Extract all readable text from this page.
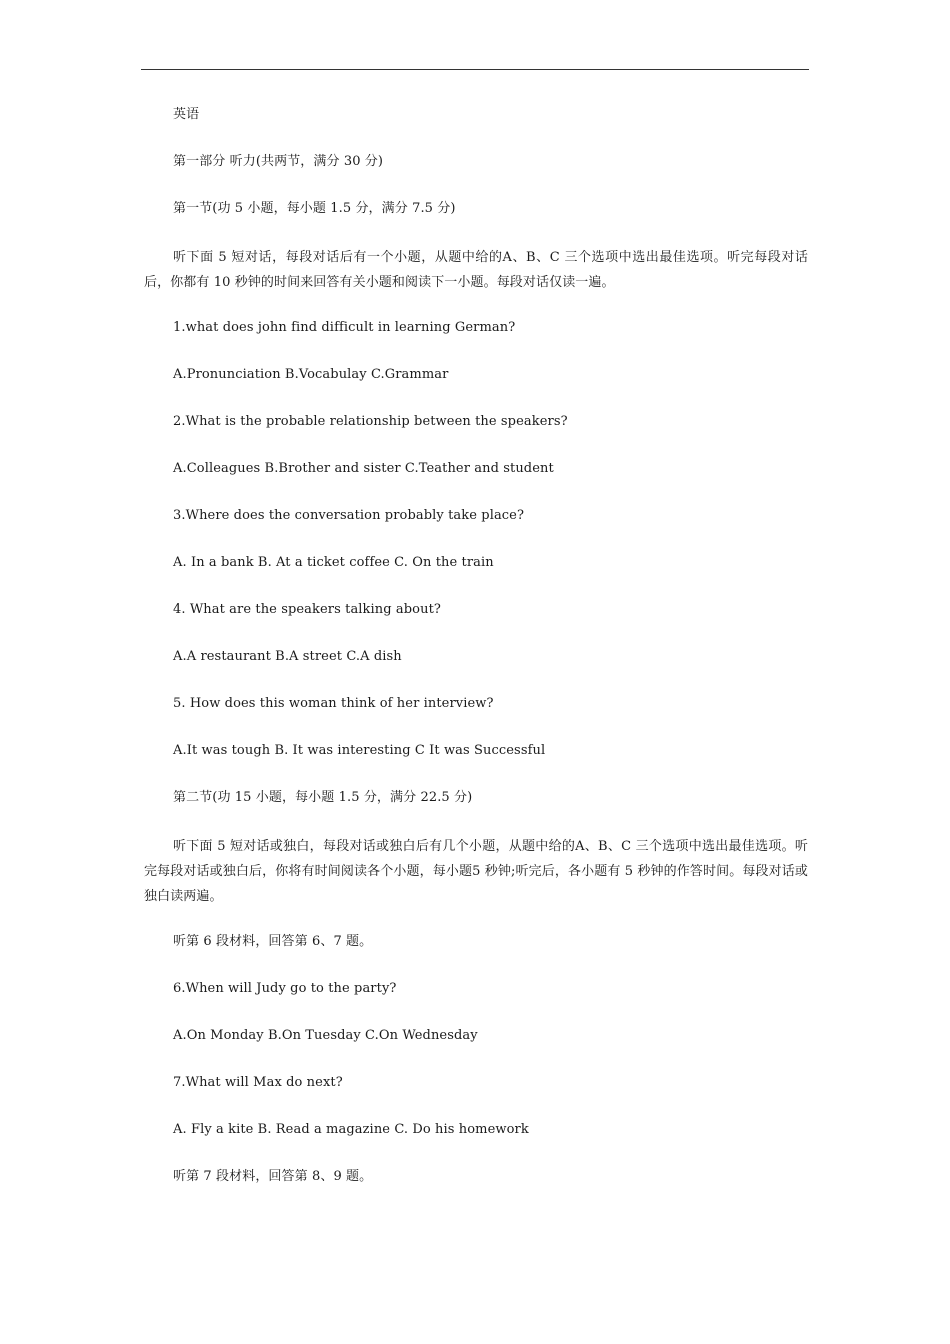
英语

第一部分 听力(共两节，满分 30 分)

第一节(功 5 小题，每小题 1.5 分，满分 7.5 分)

听下面 5 短对话，每段对话后有一个小题，从题中给的A、B、C 三个选项中选出最佳选项。听完每段对话后，你都有 10 秒钟的时间来回答有关小题和阅读下一小题。每段对话仅读一遍。

1.what does john find difficult in learning German?

A.Pronunciation B.Vocabulay C.Grammar

2.What is the probable relationship between the speakers?

A.Colleagues B.Brother and sister C.Teather and student

3.Where does the conversation probably take place?

A. In a bank B. At a ticket coffee C. On the train

4. What are the speakers talking about?

A.A restaurant B.A street C.A dish

5. How does this woman think of her interview?

A.It was tough B. It was interesting C It was Successful

第二节(功 15 小题，每小题 1.5 分，满分 22.5 分)

听下面 5 短对话或独白，每段对话或独白后有几个小题，从题中给的A、B、C 三个选项中选出最佳选项。听完每段对话或独白后，你将有时间阅读各个小题，每小题5 秒钟;听完后，各小题有 5 秒钟的作答时间。每段对话或独白读两遍。

听第 6 段材料，回答第 6、7 题。

6.When will Judy go to the party?

A.On Monday B.On Tuesday C.On Wednesday

7.What will Max do next?

A. Fly a kite B. Read a magazine C. Do his homework

听第 7 段材料，回答第 8、9 题。
